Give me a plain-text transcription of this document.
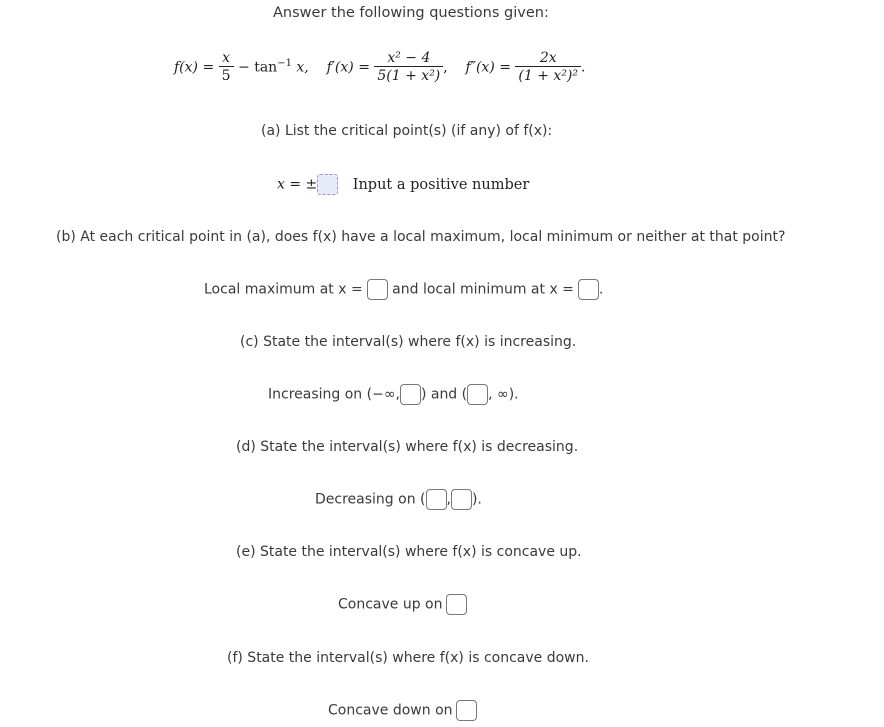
Answer the following questions given:
$f(x) = \frac{x}{5} - \tan^{-1} x$, $f'(x) = \frac{\text{x² − 4}}{\text{5(1 + x²)}}$ , $f''(x) = \frac{2x}{\text{(1 + x²)²}}$ .
(a) List the critical point(s) (if any) of f(x):
x = ± Input a positive number
(b) At each critical point in (a), does f(x) have a local maximum, local minimum or neither at that point?
Local maximum at x = and local minimum at x = .
(c) State the interval(s) where f(x) is increasing.
Increasing on (−∞, ) and ( , ∞).
(d) State the interval(s) where f(x) is decreasing.
Decreasing on ( , ).
(e) State the interval(s) where f(x) is concave up.
Concave up on
(f) State the interval(s) where f(x) is concave down.
Concave down on
